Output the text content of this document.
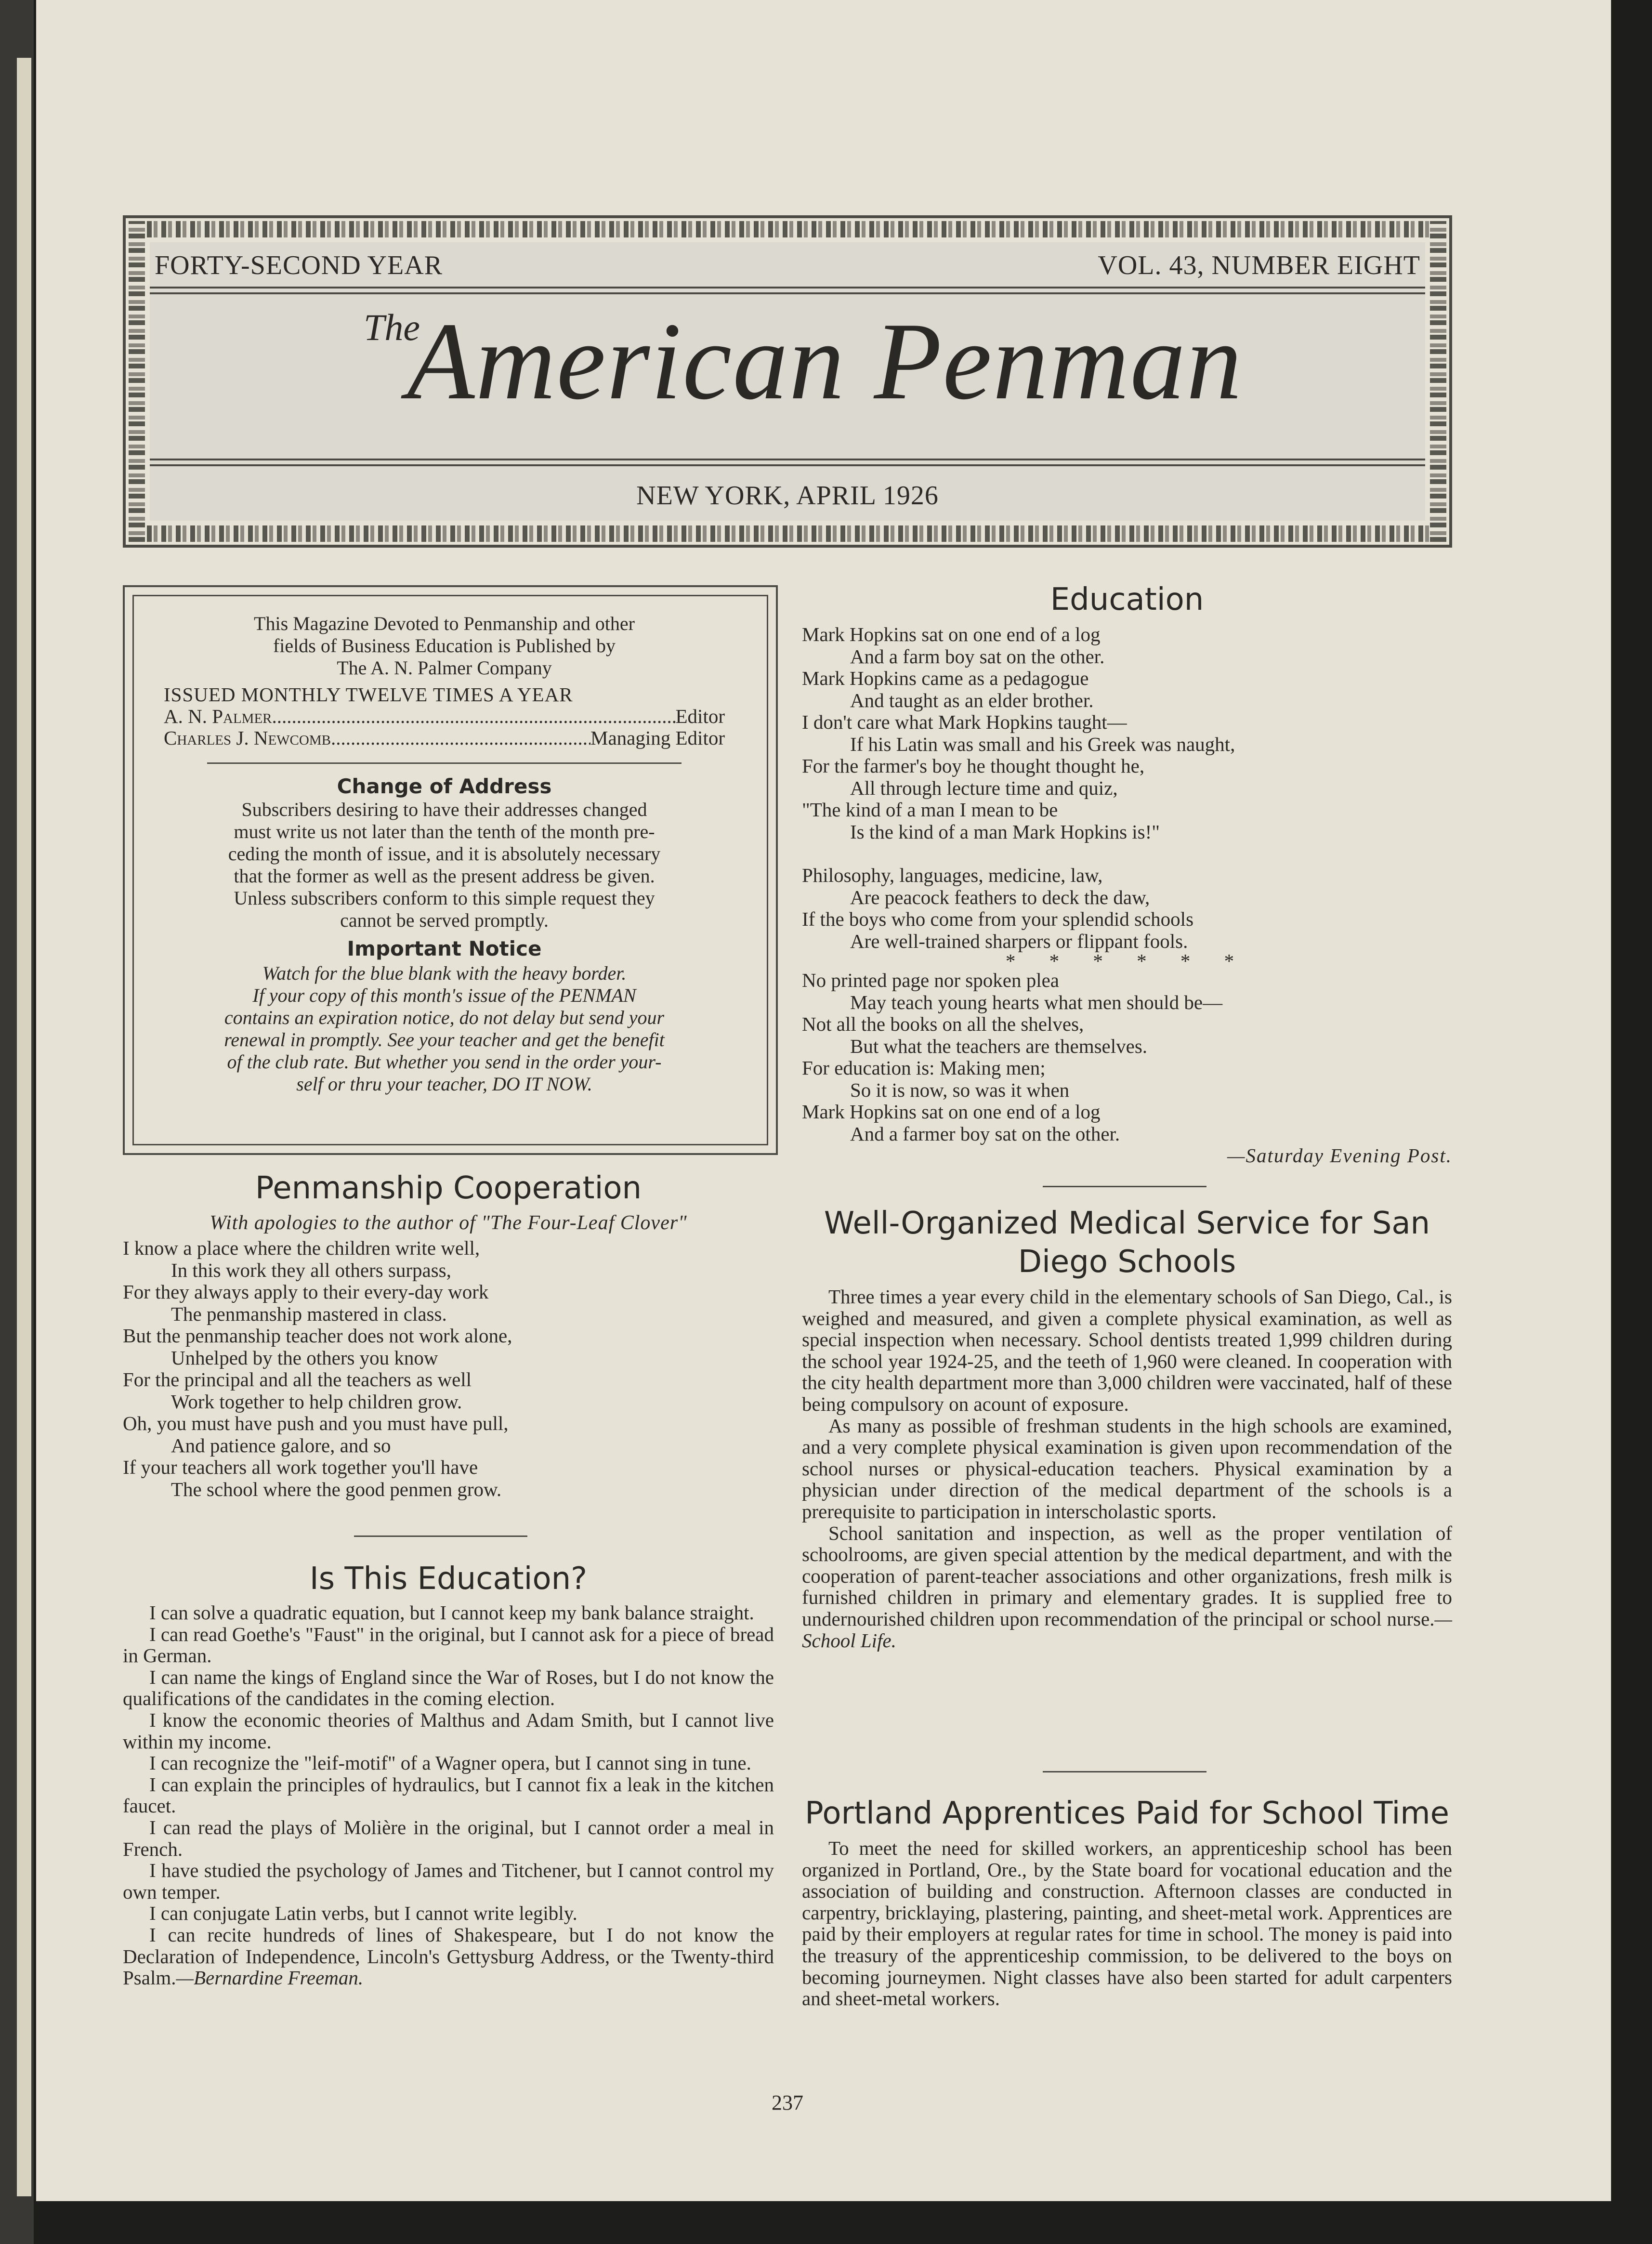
FORTY-SECOND YEAR	VOL. 43, NUMBER EIGHT
The
American Penman
NEW YORK, APRIL 1926
This Magazine Devoted to Penmanship and other
fields of Business Education is Published by
The A. N. Palmer Company
ISSUED MONTHLY TWELVE TIMES A YEAR
A. N. Palmer .....	Editor
Charles J. Newcomb .....	Managing Editor
Change of Address
Subscribers desiring to have their addresses changed
must write us not later than the tenth of the month pre-
ceding the month of issue, and it is absolutely necessary
that the former as well as the present address be given.
Unless subscribers conform to this simple request they
cannot be served promptly.
Important Notice
Watch for the blue blank with the heavy border.
If your copy of this month's issue of the PENMAN
contains an expiration notice, do not delay but send your
renewal in promptly. See your teacher and get the benefit
of the club rate. But whether you send in the order your-
self or thru your teacher, DO IT NOW.
Penmanship Cooperation
With apologies to the author of "The Four-Leaf Clover"
I know a place where the children write well,
In this work they all others surpass,
For they always apply to their every-day work
The penmanship mastered in class.
But the penmanship teacher does not work alone,
Unhelped by the others you know
For the principal and all the teachers as well
Work together to help children grow.
Oh, you must have push and you must have pull,
And patience galore, and so
If your teachers all work together you'll have
The school where the good penmen grow.
Is This Education?

I can solve a quadratic equation, but I cannot keep my bank balance straight.

I can read Goethe's "Faust" in the original, but I cannot ask for a piece of bread in German.

I can name the kings of England since the War of Roses, but I do not know the qualifications of the candidates in the coming election.

I know the economic theories of Malthus and Adam Smith, but I cannot live within my income.

I can recognize the "leif-motif" of a Wagner opera, but I cannot sing in tune.

I can explain the principles of hydraulics, but I cannot fix a leak in the kitchen faucet.

I can read the plays of Molière in the original, but I cannot order a meal in French.

I have studied the psychology of James and Titchener, but I cannot control my own temper.

I can conjugate Latin verbs, but I cannot write legibly.

I can recite hundreds of lines of Shakespeare, but I do not know the Declaration of Independence, Lincoln's Gettysburg Address, or the Twenty-third Psalm.—Bernardine Freeman.

Education
Mark Hopkins sat on one end of a log
And a farm boy sat on the other.
Mark Hopkins came as a pedagogue
And taught as an elder brother.
I don't care what Mark Hopkins taught—
If his Latin was small and his Greek was naught,
For the farmer's boy he thought thought he,
All through lecture time and quiz,
"The kind of a man I mean to be
Is the kind of a man Mark Hopkins is!"
Philosophy, languages, medicine, law,
Are peacock feathers to deck the daw,
If the boys who come from your splendid schools
Are well-trained sharpers or flippant fools.
* * * * * *
No printed page nor spoken plea
May teach young hearts what men should be—
Not all the books on all the shelves,
But what the teachers are themselves.
For education is: Making men;
So it is now, so was it when
Mark Hopkins sat on one end of a log
And a farmer boy sat on the other.
—Saturday Evening Post.
Well-Organized Medical Service for San
Diego Schools

Three times a year every child in the elementary schools of San Diego, Cal., is weighed and measured, and given a complete physical examination, as well as special inspection when necessary. School dentists treated 1,999 children during the school year 1924-25, and the teeth of 1,960 were cleaned. In cooperation with the city health department more than 3,000 children were vaccinated, half of these being compulsory on acount of exposure.

As many as possible of freshman students in the high schools are examined, and a very complete physical examination is given upon recommendation of the school nurses or physical-education teachers. Physical examination by a physician under direction of the medical department of the schools is a prerequisite to participation in interscholastic sports.

School sanitation and inspection, as well as the proper ventilation of schoolrooms, are given special attention by the medical department, and with the cooperation of parent-teacher associations and other organizations, fresh milk is furnished children in primary and elementary grades. It is supplied free to undernourished children upon recommendation of the principal or school nurse.—School Life.

Portland Apprentices Paid for School Time

To meet the need for skilled workers, an apprenticeship school has been organized in Portland, Ore., by the State board for vocational education and the association of building and construction. Afternoon classes are conducted in carpentry, bricklaying, plastering, painting, and sheet-metal work. Apprentices are paid by their employers at regular rates for time in school. The money is paid into the treasury of the apprenticeship commission, to be delivered to the boys on becoming journeymen. Night classes have also been started for adult carpenters and sheet-metal workers.

237
